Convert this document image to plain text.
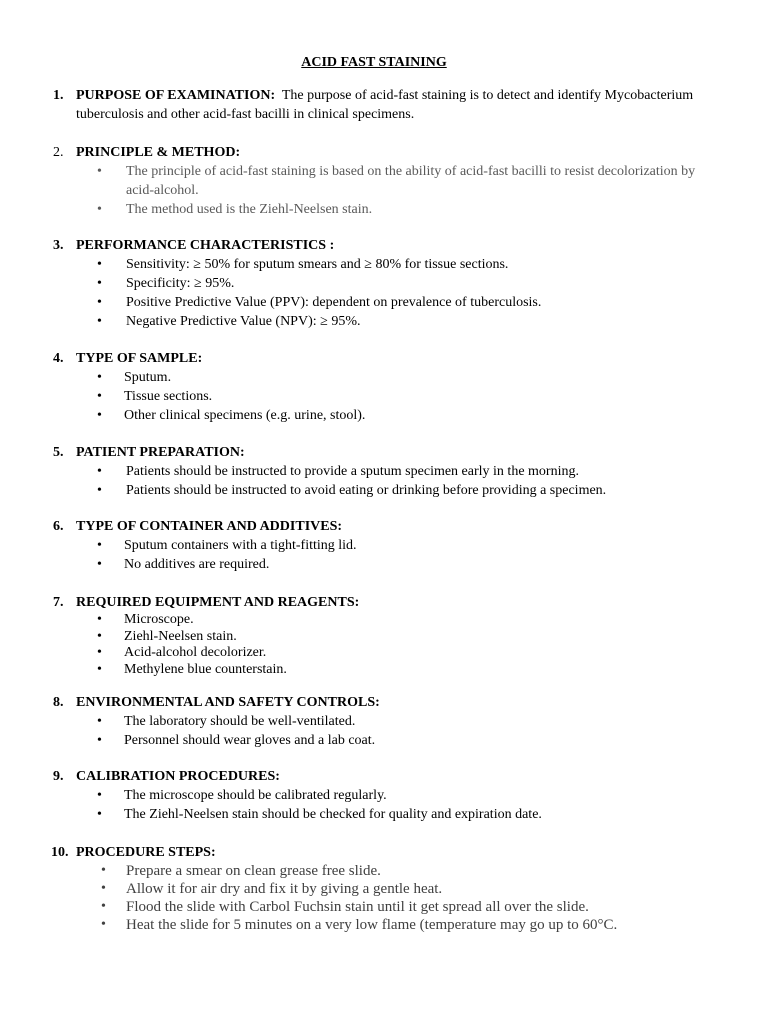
ACID FAST STAINING
1. PURPOSE OF EXAMINATION: The purpose of acid-fast staining is to detect and identify Mycobacterium tuberculosis and other acid-fast bacilli in clinical specimens.

2. PRINCIPLE & METHOD:
• The principle of acid-fast staining is based on the ability of acid-fast bacilli to resist decolorization by acid-alcohol.
• The method used is the Ziehl-Neelsen stain.
3. PERFORMANCE CHARACTERISTICS :
• Sensitivity: ≥ 50% for sputum smears and ≥ 80% for tissue sections.
• Specificity: ≥ 95%.
• Positive Predictive Value (PPV): dependent on prevalence of tuberculosis.
• Negative Predictive Value (NPV): ≥ 95%.
4. TYPE OF SAMPLE:
• Sputum.
• Tissue sections.
• Other clinical specimens (e.g. urine, stool).
5. PATIENT PREPARATION:
• Patients should be instructed to provide a sputum specimen early in the morning.
• Patients should be instructed to avoid eating or drinking before providing a specimen.
6. TYPE OF CONTAINER AND ADDITIVES:
• Sputum containers with a tight-fitting lid.
• No additives are required.
7. REQUIRED EQUIPMENT AND REAGENTS:
• Microscope.
• Ziehl-Neelsen stain.
• Acid-alcohol decolorizer.
• Methylene blue counterstain.
8. ENVIRONMENTAL AND SAFETY CONTROLS:
• The laboratory should be well-ventilated.
• Personnel should wear gloves and a lab coat.
9. CALIBRATION PROCEDURES:
• The microscope should be calibrated regularly.
• The Ziehl-Neelsen stain should be checked for quality and expiration date.
10. PROCEDURE STEPS:
• Prepare a smear on clean grease free slide.
• Allow it for air dry and fix it by giving a gentle heat.
• Flood the slide with Carbol Fuchsin stain until it get spread all over the slide.
• Heat the slide for 5 minutes on a very low flame (temperature may go up to 60°C.
